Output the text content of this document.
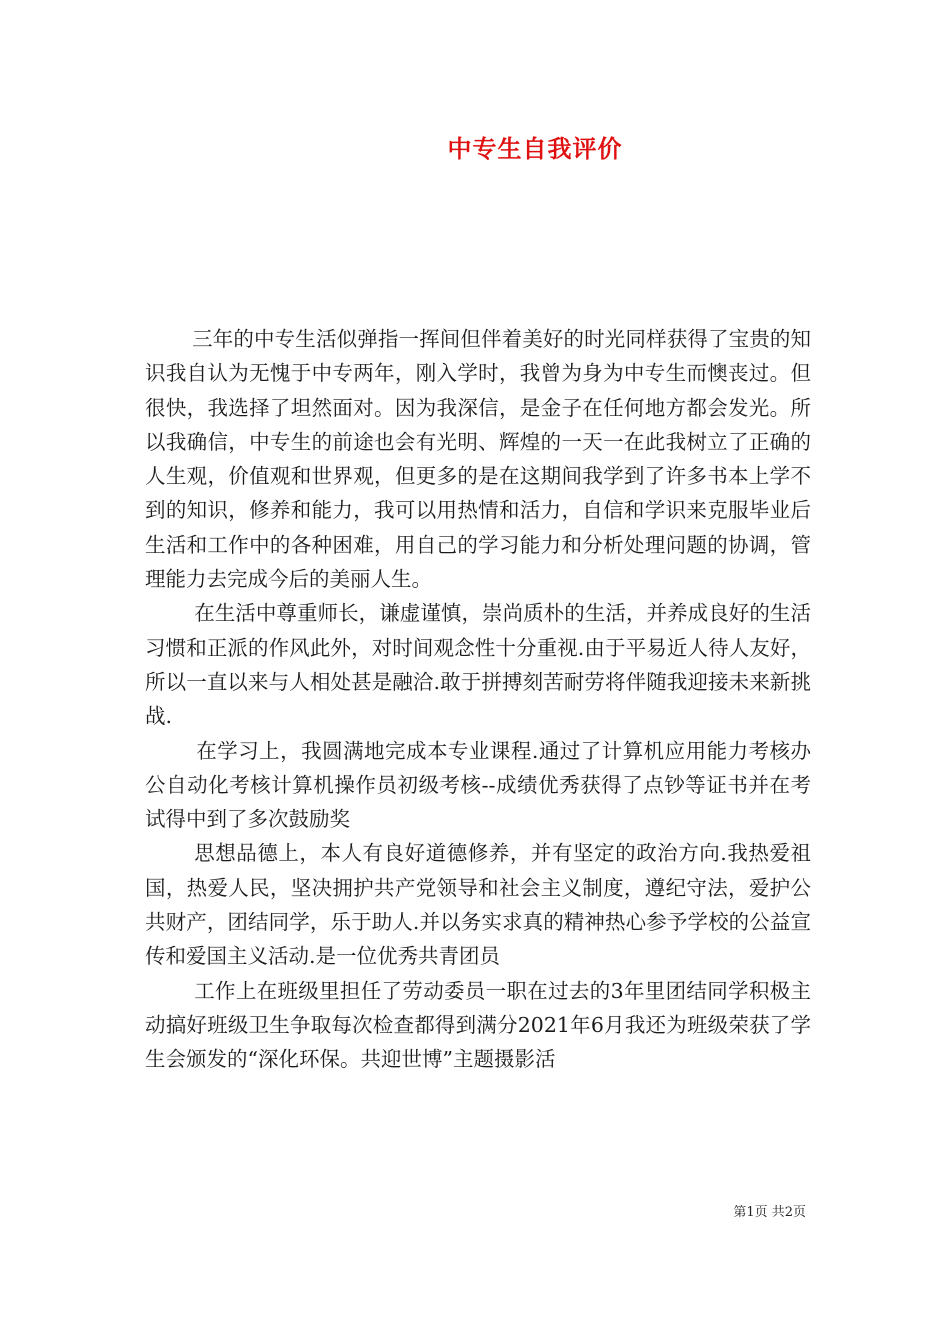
中专生自我评价

三年的中专生活似弹指一挥间但伴着美好的时光同样获得了宝贵的知识我自认为无愧于中专两年，刚入学时，我曾为身为中专生而懊丧过。但很快，我选择了坦然面对。因为我深信，是金子在任何地方都会发光。所以我确信，中专生的前途也会有光明、辉煌的一天一在此我树立了正确的人生观，价值观和世界观，但更多的是在这期间我学到了许多书本上学不到的知识，修养和能力，我可以用热情和活力，自信和学识来克服毕业后生活和工作中的各种困难，用自己的学习能力和分析处理问题的协调，管理能力去完成今后的美丽人生。

在生活中尊重师长，谦虚谨慎，崇尚质朴的生活，并养成良好的生活习惯和正派的作风此外，对时间观念性十分重视.由于平易近人待人友好，所以一直以来与人相处甚是融洽.敢于拼搏刻苦耐劳将伴随我迎接未来新挑战.

在学习上，我圆满地完成本专业课程.通过了计算机应用能力考核办公自动化考核计算机操作员初级考核--成绩优秀获得了点钞等证书并在考试得中到了多次鼓励奖

思想品德上，本人有良好道德修养，并有坚定的政治方向.我热爱祖国，热爱人民，坚决拥护共产党领导和社会主义制度，遵纪守法，爱护公共财产，团结同学，乐于助人.并以务实求真的精神热心参予学校的公益宣传和爱国主义活动.是一位优秀共青团员

工作上在班级里担任了劳动委员一职在过去的3年里团结同学积极主动搞好班级卫生争取每次检查都得到满分2021年6月我还为班级荣获了学生会颁发的“深化环保。共迎世博”主题摄影活

第1页 共2页
